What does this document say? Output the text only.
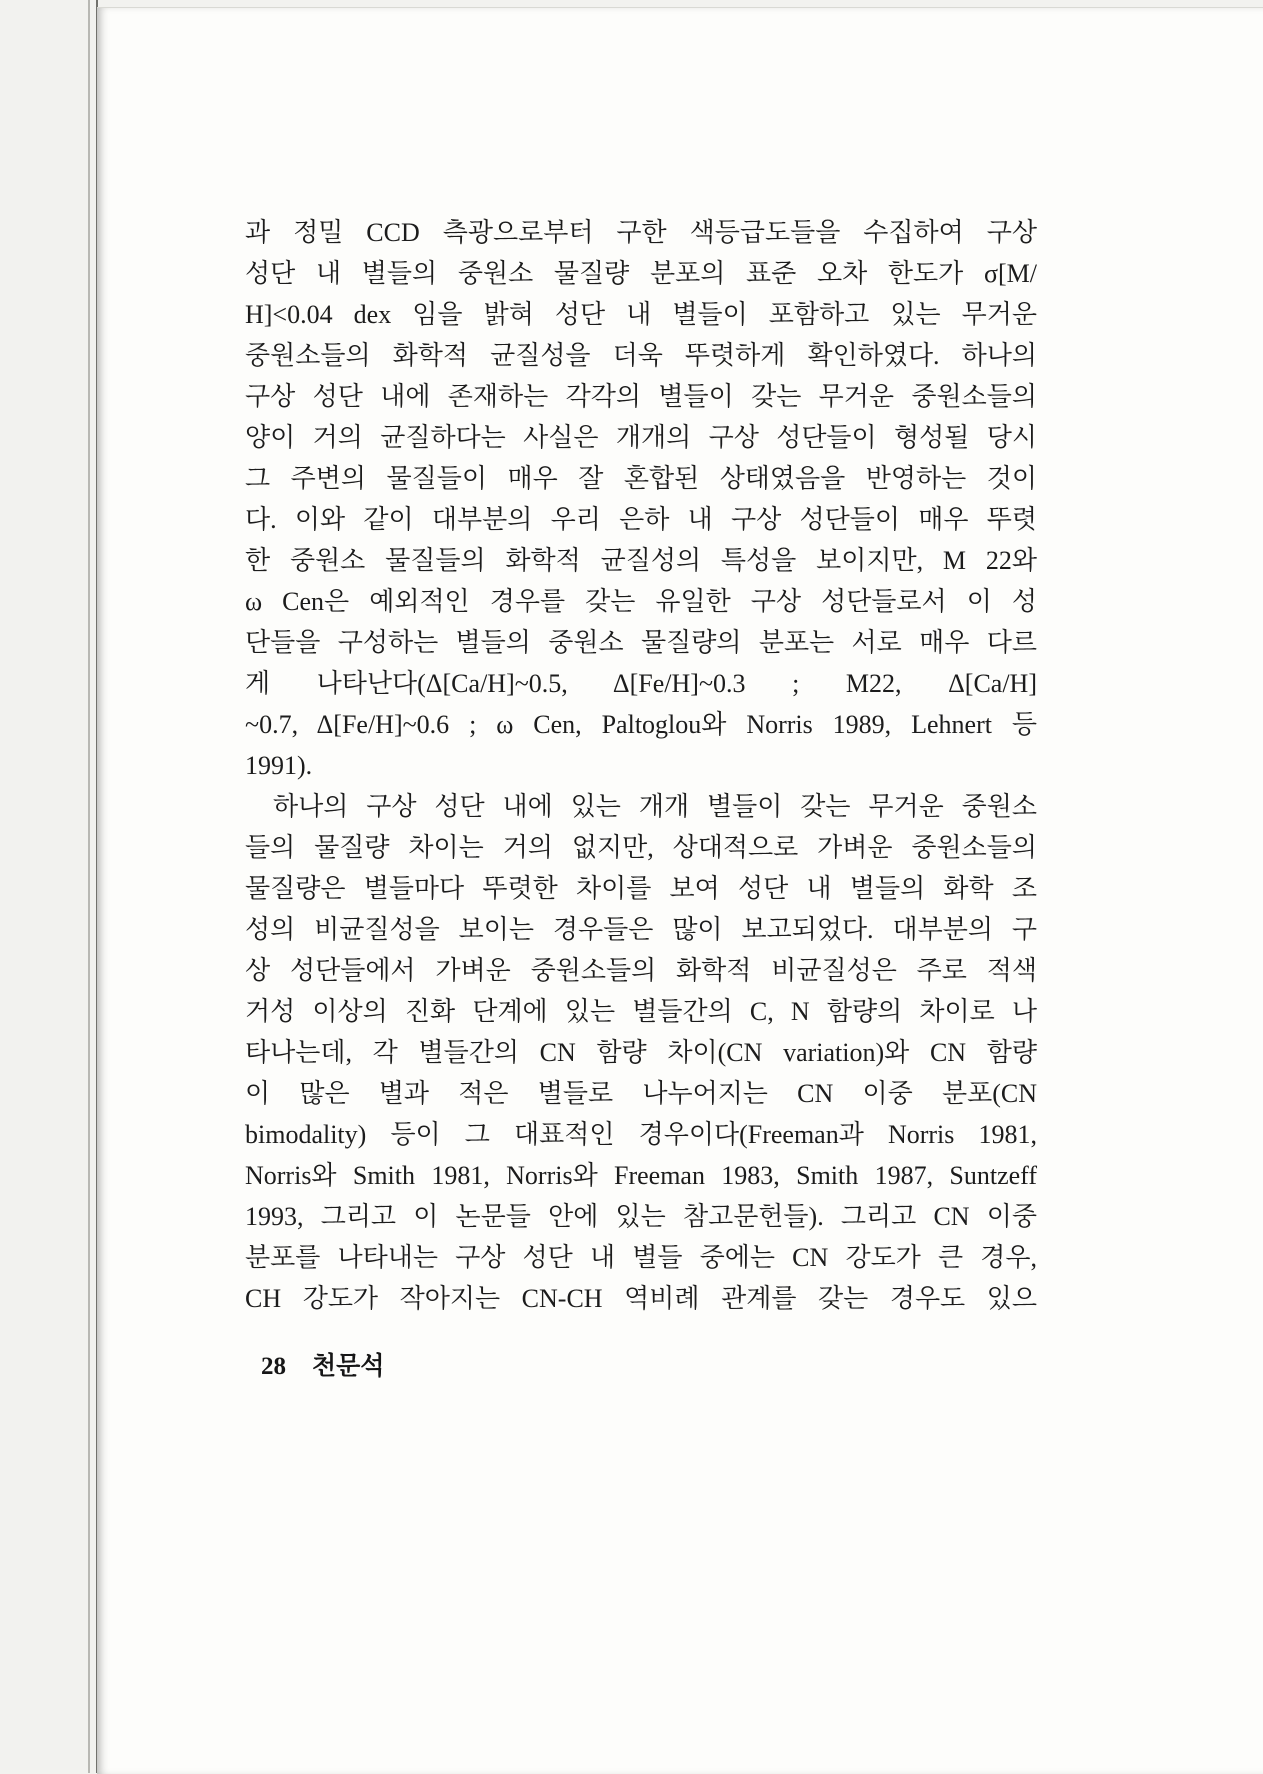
과 정밀 CCD 측광으로부터 구한 색등급도들을 수집하여 구상
성단 내 별들의 중원소 물질량 분포의 표준 오차 한도가 σ[M/
H]<0.04 dex 임을 밝혀 성단 내 별들이 포함하고 있는 무거운
중원소들의 화학적 균질성을 더욱 뚜렷하게 확인하였다. 하나의
구상 성단 내에 존재하는 각각의 별들이 갖는 무거운 중원소들의
양이 거의 균질하다는 사실은 개개의 구상 성단들이 형성될 당시
그 주변의 물질들이 매우 잘 혼합된 상태였음을 반영하는 것이
다. 이와 같이 대부분의 우리 은하 내 구상 성단들이 매우 뚜렷
한 중원소 물질들의 화학적 균질성의 특성을 보이지만, M 22와
ω Cen은 예외적인 경우를 갖는 유일한 구상 성단들로서 이 성
단들을 구성하는 별들의 중원소 물질량의 분포는 서로 매우 다르
게 나타난다(Δ[Ca/H]~0.5, Δ[Fe/H]~0.3 ; M22, Δ[Ca/H]
~0.7, Δ[Fe/H]~0.6 ; ω Cen, Paltoglou와 Norris 1989, Lehnert 등
1991).
하나의 구상 성단 내에 있는 개개 별들이 갖는 무거운 중원소
들의 물질량 차이는 거의 없지만, 상대적으로 가벼운 중원소들의
물질량은 별들마다 뚜렷한 차이를 보여 성단 내 별들의 화학 조
성의 비균질성을 보이는 경우들은 많이 보고되었다. 대부분의 구
상 성단들에서 가벼운 중원소들의 화학적 비균질성은 주로 적색
거성 이상의 진화 단계에 있는 별들간의 C, N 함량의 차이로 나
타나는데, 각 별들간의 CN 함량 차이(CN variation)와 CN 함량
이 많은 별과 적은 별들로 나누어지는 CN 이중 분포(CN
bimodality) 등이 그 대표적인 경우이다(Freeman과 Norris 1981,
Norris와 Smith 1981, Norris와 Freeman 1983, Smith 1987, Suntzeff
1993, 그리고 이 논문들 안에 있는 참고문헌들). 그리고 CN 이중
분포를 나타내는 구상 성단 내 별들 중에는 CN 강도가 큰 경우,
CH 강도가 작아지는 CN-CH 역비례 관계를 갖는 경우도 있으
28 천문석
